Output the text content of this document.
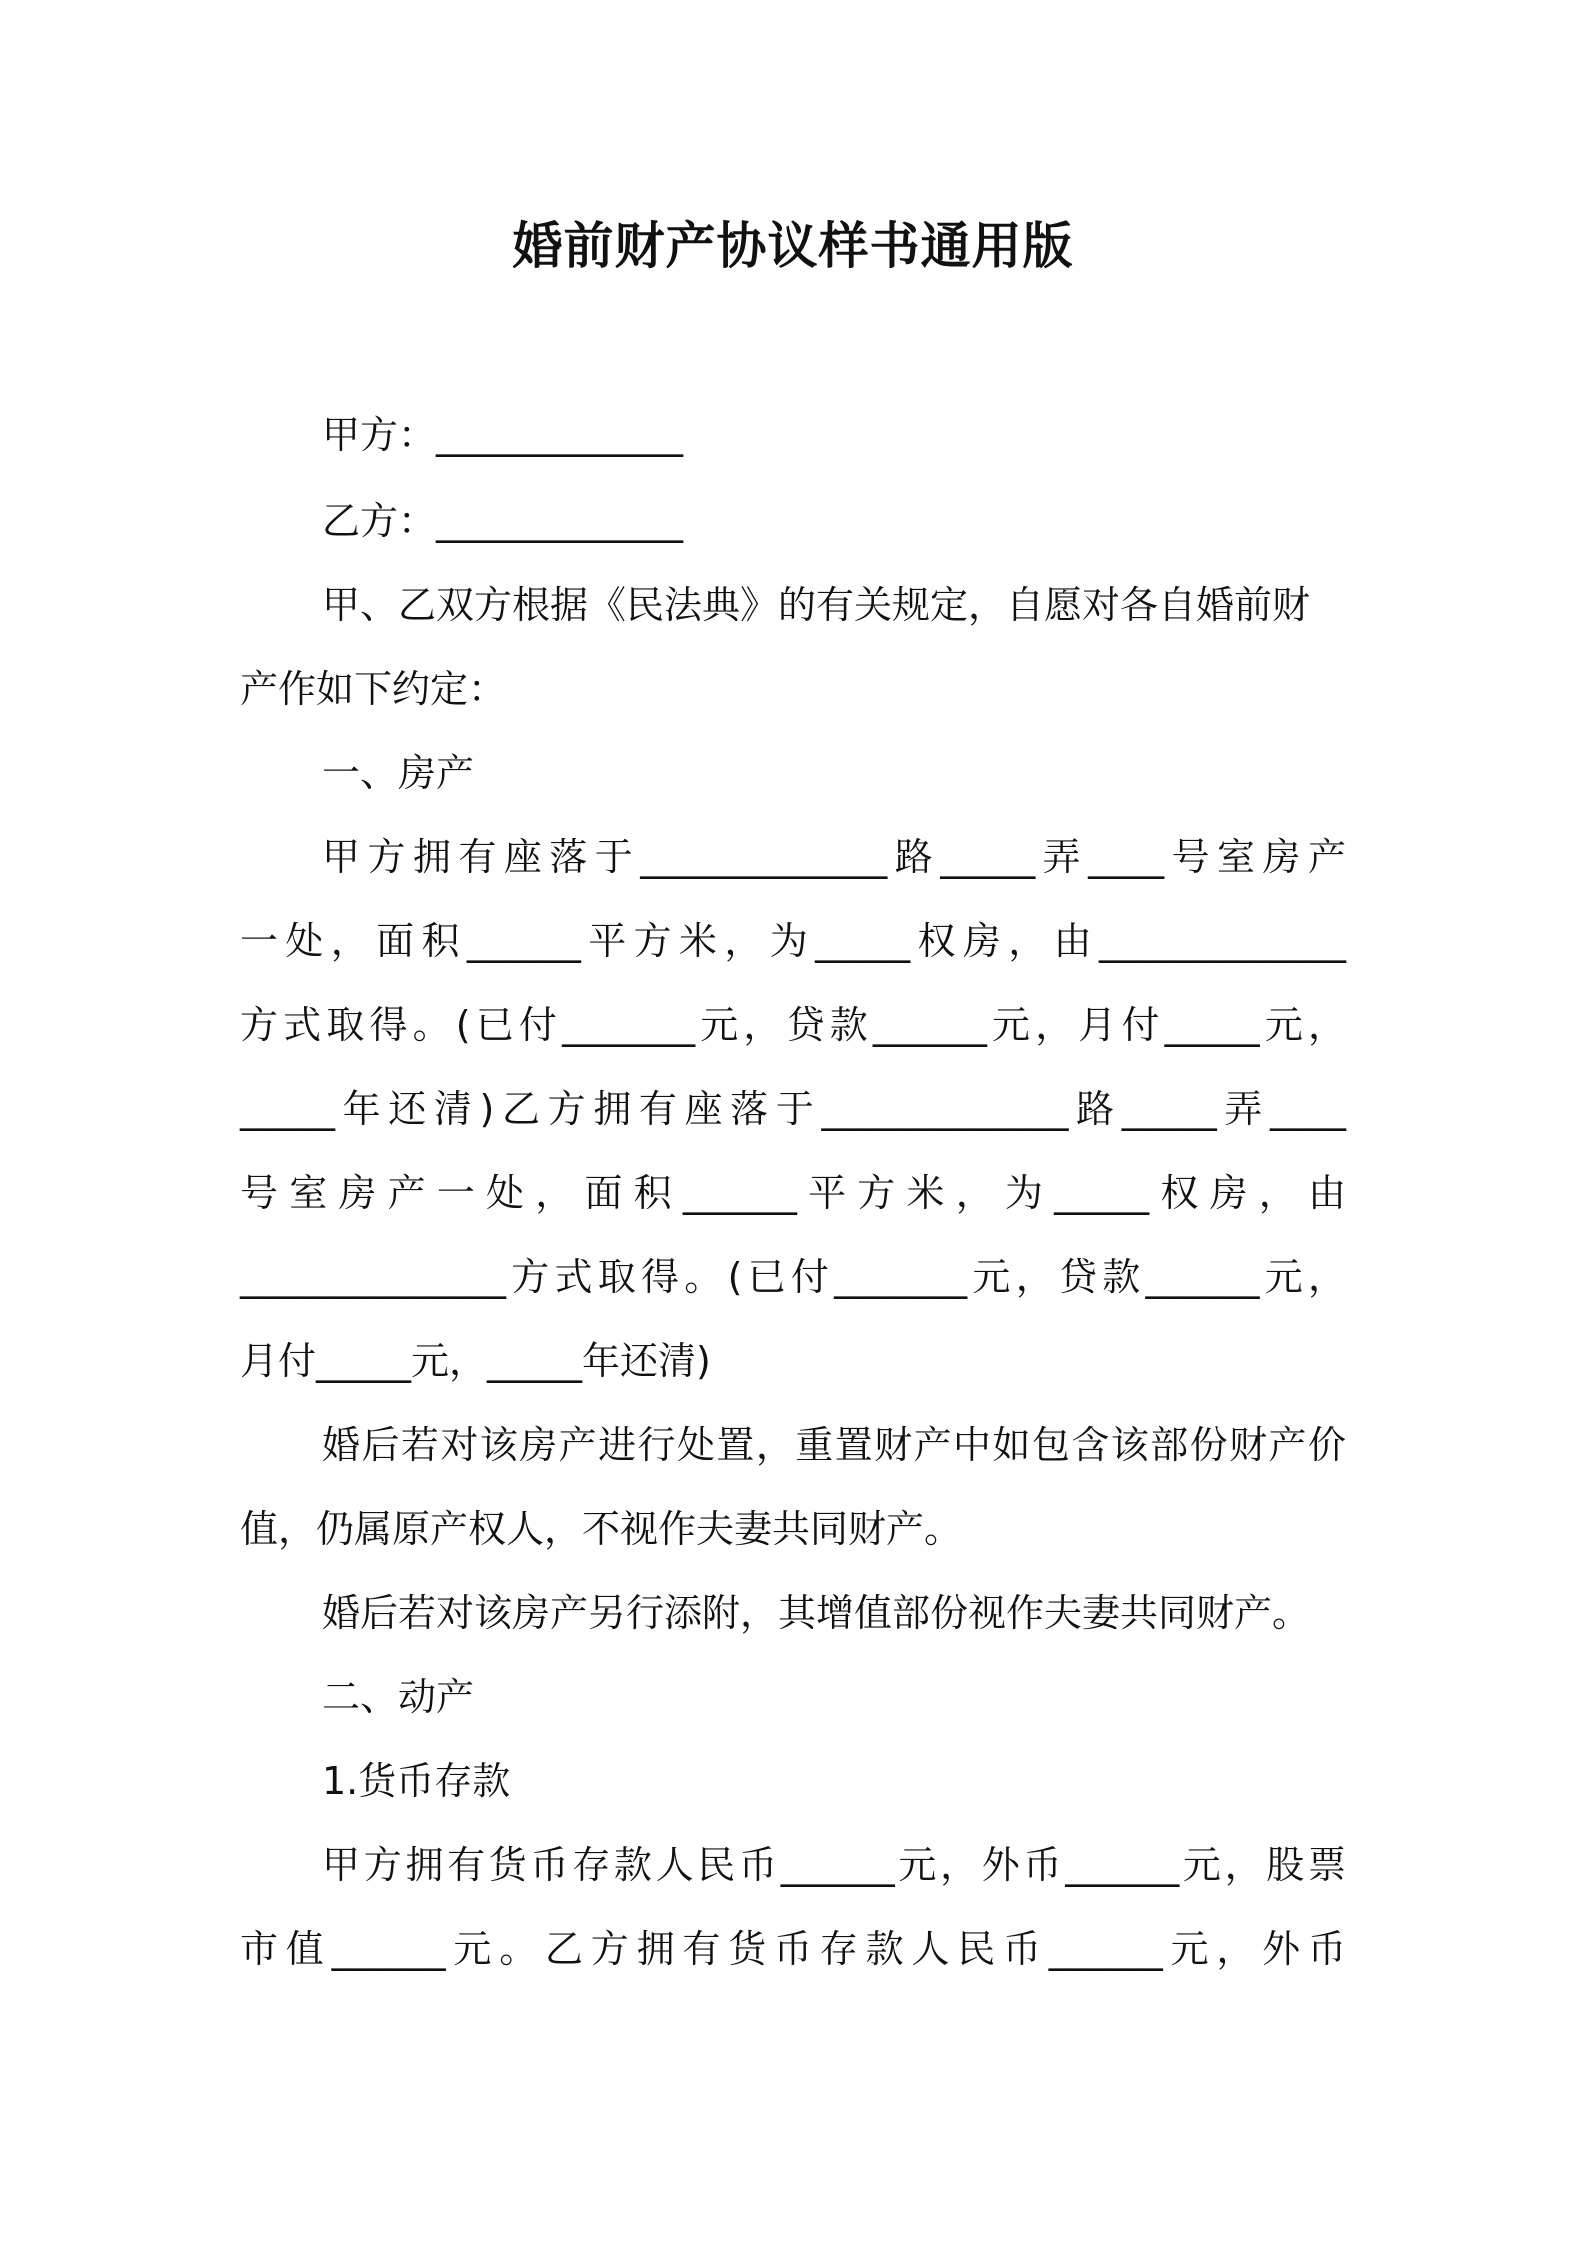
婚前财产协议样书通用版
甲方：_____________
乙方：_____________
甲、乙双方根据《民法典》的有关规定，自愿对各自婚前财
产作如下约定：
一、房产
甲方拥有座落于_____________路_____弄____号室房产
一处，面积______平方米，为_____权房，由_____________
方式取得。(已付_______元，贷款______元，月付_____元，
_____年还清)乙方拥有座落于_____________路_____弄____
号室房产一处，面积______平方米，为_____权房，由
______________方式取得。(已付_______元，贷款______元，
月付_____元，_____年还清)
婚后若对该房产进行处置，重置财产中如包含该部份财产价
值，仍属原产权人，不视作夫妻共同财产。
婚后若对该房产另行添附，其增值部份视作夫妻共同财产。
二、动产
1.货币存款
甲方拥有货币存款人民币______元，外币______元，股票
市值______元。乙方拥有货币存款人民币______元，外币
